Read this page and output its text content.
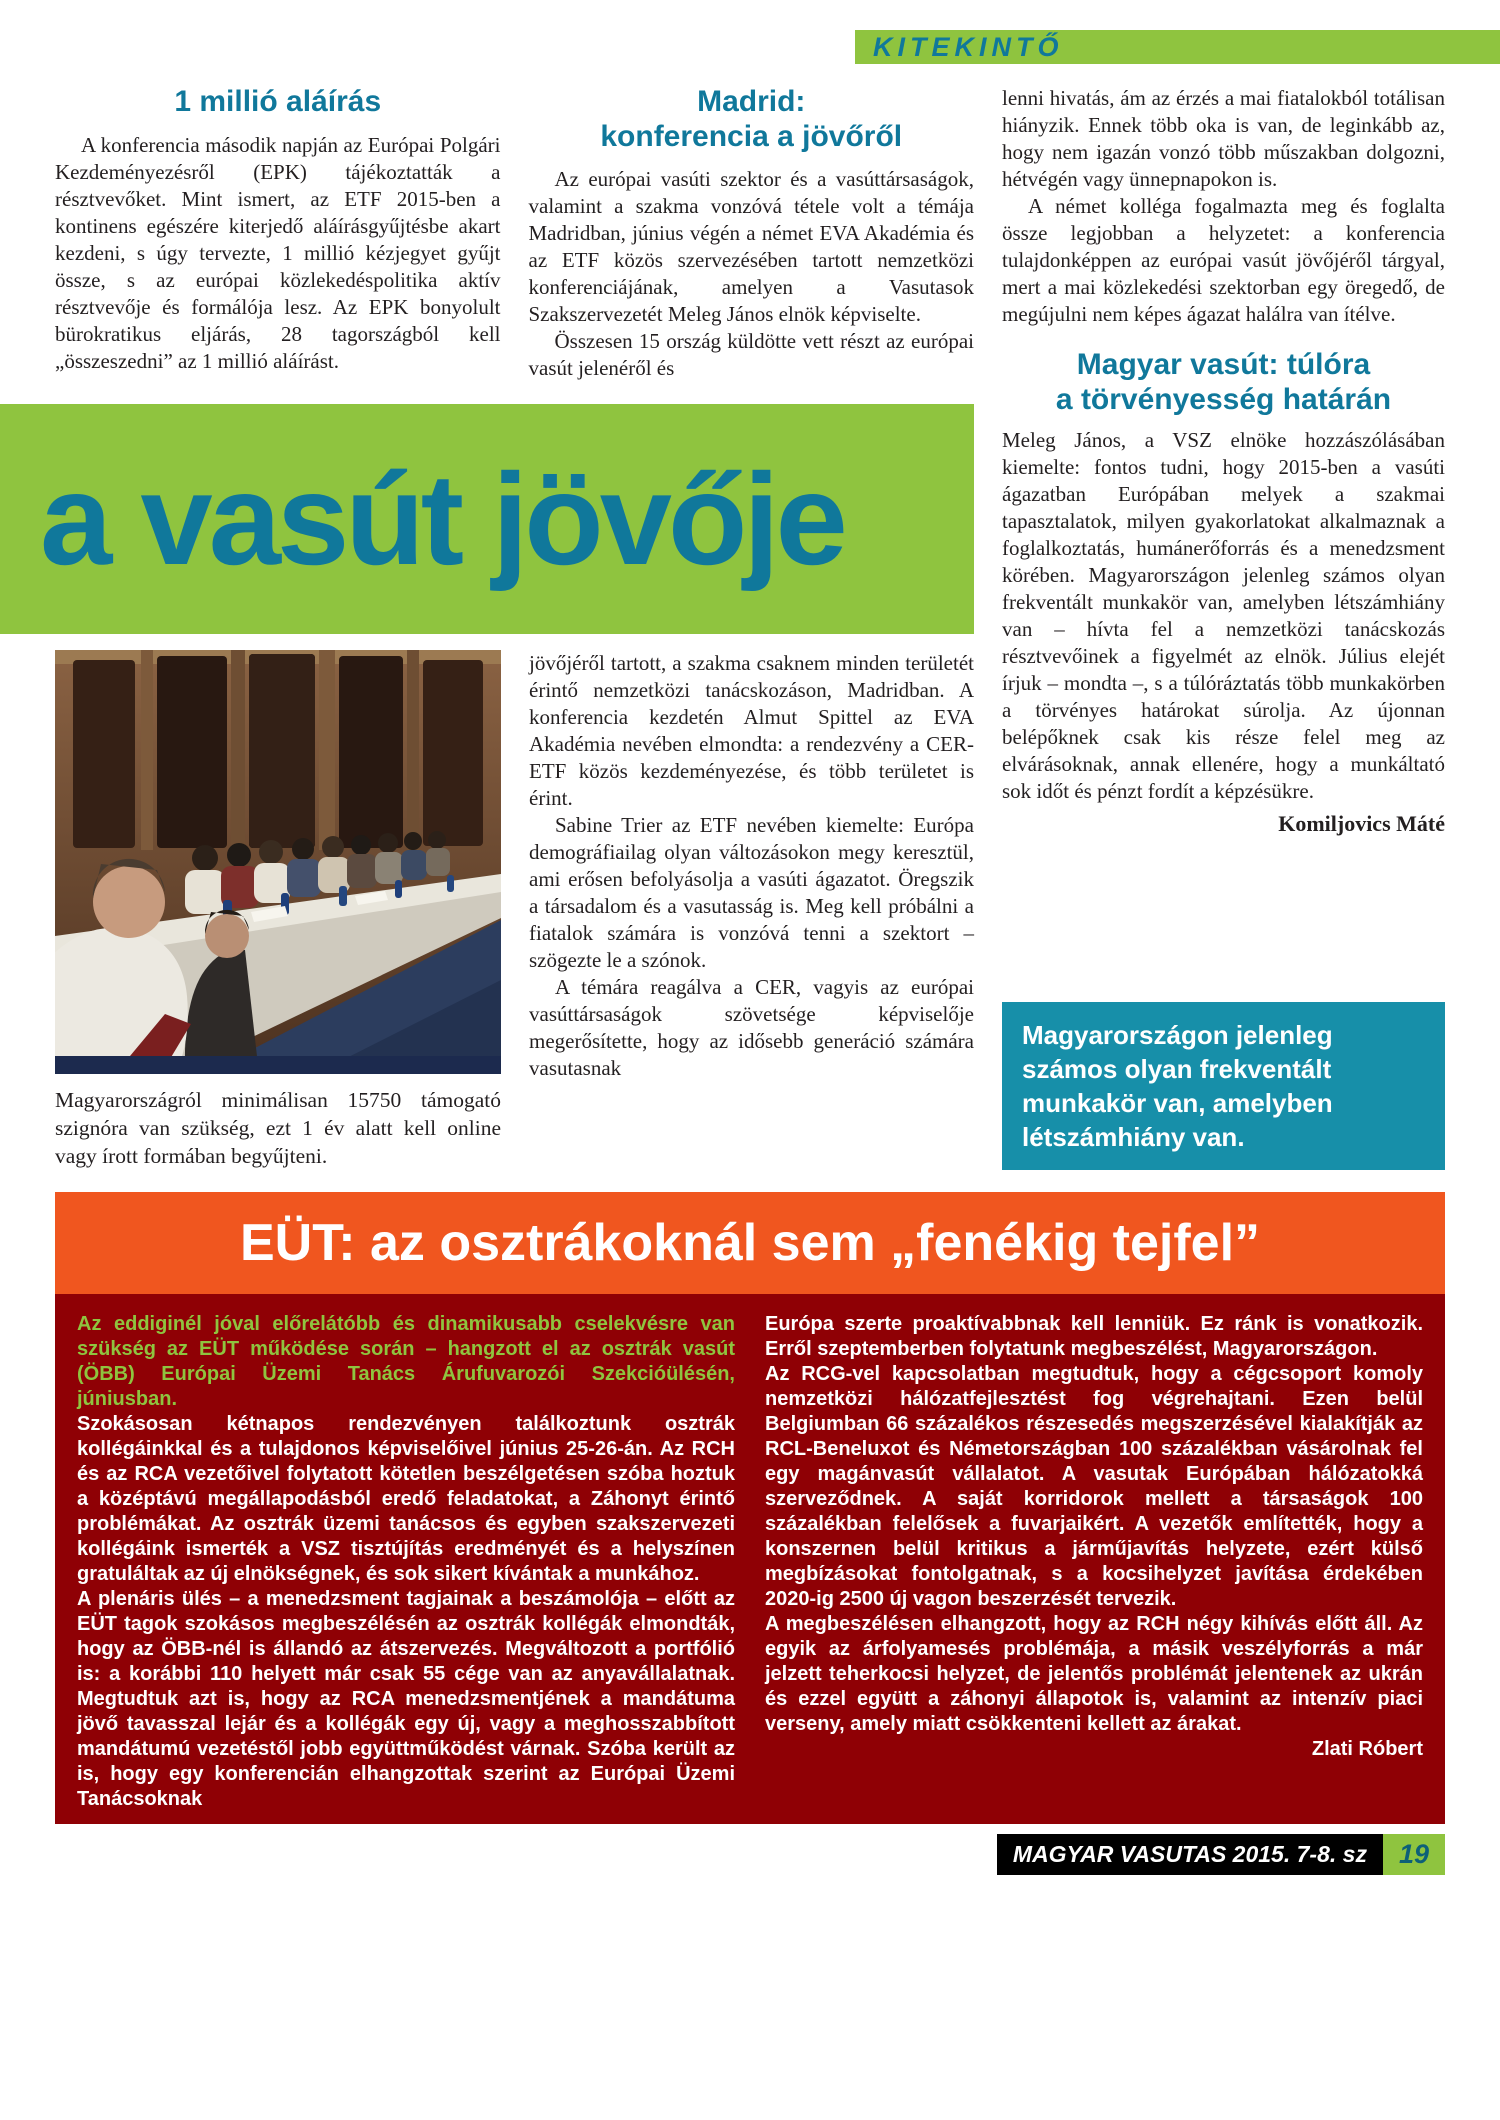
KITEKINTŐ
1 millió aláírás

A konferencia második napján az Európai Polgári Kezdeményezésről (EPK) tájékoztatták a résztvevőket. Mint ismert, az ETF 2015-ben a kontinens egészére kiterjedő aláírásgyűjtésbe akart kezdeni, s úgy tervezte, 1 millió kézjegyet gyűjt össze, s az európai közlekedéspolitika aktív résztvevője és formálója lesz. Az EPK bonyolult bürokratikus eljárás, 28 tagországból kell „összeszedni” az 1 millió aláírást.

Madrid:
konferencia a jövőről

Az európai vasúti szektor és a vasúttársaságok, valamint a szakma vonzóvá tétele volt a témája Madridban, június végén a német EVA Akadémia és az ETF közös szervezésében tartott nemzetközi konferenciájának, amelyen a Vasutasok Szakszervezetét Meleg János elnök képviselte.

Összesen 15 ország küldötte vett részt az európai vasút jelenéről és

a vasút jövője
Magyarországról minimálisan 15750 támogató szignóra van szükség, ezt 1 év alatt kell online vagy írott formában begyűjteni.

jövőjéről tartott, a szakma csaknem minden területét érintő nemzetközi tanácskozáson, Madridban. A konferencia kezdetén Almut Spittel az EVA Akadémia nevében elmondta: a rendezvény a CER-ETF közös kezdeményezése, és több területet is érint.

Sabine Trier az ETF nevében kiemelte: Európa demográfiailag olyan változásokon megy keresztül, ami erősen befolyásolja a vasúti ágazatot. Öregszik a társadalom és a vasutasság is. Meg kell próbálni a fiatalok számára is vonzóvá tenni a szektort – szögezte le a szónok.

A témára reagálva a CER, vagyis az európai vasúttársaságok szövetsége képviselője megerősítette, hogy az idősebb generáció számára vasutasnak

lenni hivatás, ám az érzés a mai fiatalokból totálisan hiányzik. Ennek több oka is van, de leginkább az, hogy nem igazán vonzó több műszakban dolgozni, hétvégén vagy ünnepnapokon is.

A német kolléga fogalmazta meg és foglalta össze legjobban a helyzetet: a konferencia tulajdonképpen az európai vasút jövőjéről tárgyal, mert a mai közlekedési szektorban egy öregedő, de megújulni nem képes ágazat halálra van ítélve.

Magyar vasút: túlóra
a törvényesség határán

Meleg János, a VSZ elnöke hozzászólásában kiemelte: fontos tudni, hogy 2015-ben a vasúti ágazatban Európában melyek a szakmai tapasztalatok, milyen gyakorlatokat alkalmaznak a foglalkoztatás, humánerőforrás és a menedzsment körében. Magyarországon jelenleg számos olyan frekventált munkakör van, amelyben létszámhiány van – hívta fel a nemzetközi tanácskozás résztvevőinek a figyelmét az elnök. Július elejét írjuk – mondta –, s a túlóráztatás több munkakörben a törvényes határokat súrolja. Az újonnan belépőknek csak kis része felel meg az elvárásoknak, annak ellenére, hogy a munkáltató sok időt és pénzt fordít a képzésükre.

Komiljovics Máté

Magyarországon jelenleg számos olyan frekventált munkakör van, amelyben létszámhiány van.
EÜT: az osztrákoknál sem „fenékig tejfel”

Az eddiginél jóval előrelátóbb és dinamikusabb cselekvésre van szükség az EÜT működése során – hangzott el az osztrák vasút (ÖBB) Európai Üzemi Tanács Árufuvarozói Szekcióülésén, júniusban.

Szokásosan kétnapos rendezvényen találkoztunk osztrák kollégáinkkal és a tulajdonos képviselőivel június 25-26-án. Az RCH és az RCA vezetőivel folytatott kötetlen beszélgetésen szóba hoztuk a középtávú megállapodásból eredő feladatokat, a Záhonyt érintő problémákat. Az osztrák üzemi tanácsos és egyben szakszervezeti kollégáink ismerték a VSZ tisztújítás eredményét és a helyszínen gratuláltak az új elnökségnek, és sok sikert kívántak a munkához.

A plenáris ülés – a menedzsment tagjainak a beszámolója – előtt az EÜT tagok szokásos megbeszélésén az osztrák kollégák elmondták, hogy az ÖBB-nél is állandó az átszervezés. Megváltozott a portfólió is: a korábbi 110 helyett már csak 55 cége van az anyavállalatnak. Megtudtuk azt is, hogy az RCA menedzsmentjének a mandátuma jövő tavasszal lejár és a kollégák egy új, vagy a meghosszabbított mandátumú vezetéstől jobb együttműködést várnak. Szóba került az is, hogy egy konferencián elhangzottak szerint az Európai Üzemi Tanácsoknak

Európa szerte proaktívabbnak kell lenniük. Ez ránk is vonatkozik. Erről szeptemberben folytatunk megbeszélést, Magyarországon.

Az RCG-vel kapcsolatban megtudtuk, hogy a cégcsoport komoly nemzetközi hálózatfejlesztést fog végrehajtani. Ezen belül Belgiumban 66 százalékos részesedés megszerzésével kialakítják az RCL-Beneluxot és Németországban 100 százalékban vásárolnak fel egy magánvasút vállalatot. A vasutak Európában hálózatokká szerveződnek. A saját korridorok mellett a társaságok 100 százalékban felelősek a fuvarjaikért. A vezetők említették, hogy a konszernen belül kritikus a járműjavítás helyzete, ezért külső megbízásokat fontolgatnak, s a kocsihelyzet javítása érdekében 2020-ig 2500 új vagon beszerzését tervezik.

A megbeszélésen elhangzott, hogy az RCH négy kihívás előtt áll. Az egyik az árfolyamesés problémája, a másik veszélyforrás a már jelzett teherkocsi helyzet, de jelentős problémát jelentenek az ukrán és ezzel együtt a záhonyi állapotok is, valamint az intenzív piaci verseny, amely miatt csökkenteni kellett az árakat.

Zlati Róbert

MAGYAR VASUTAS 2015. 7-8. sz	19
